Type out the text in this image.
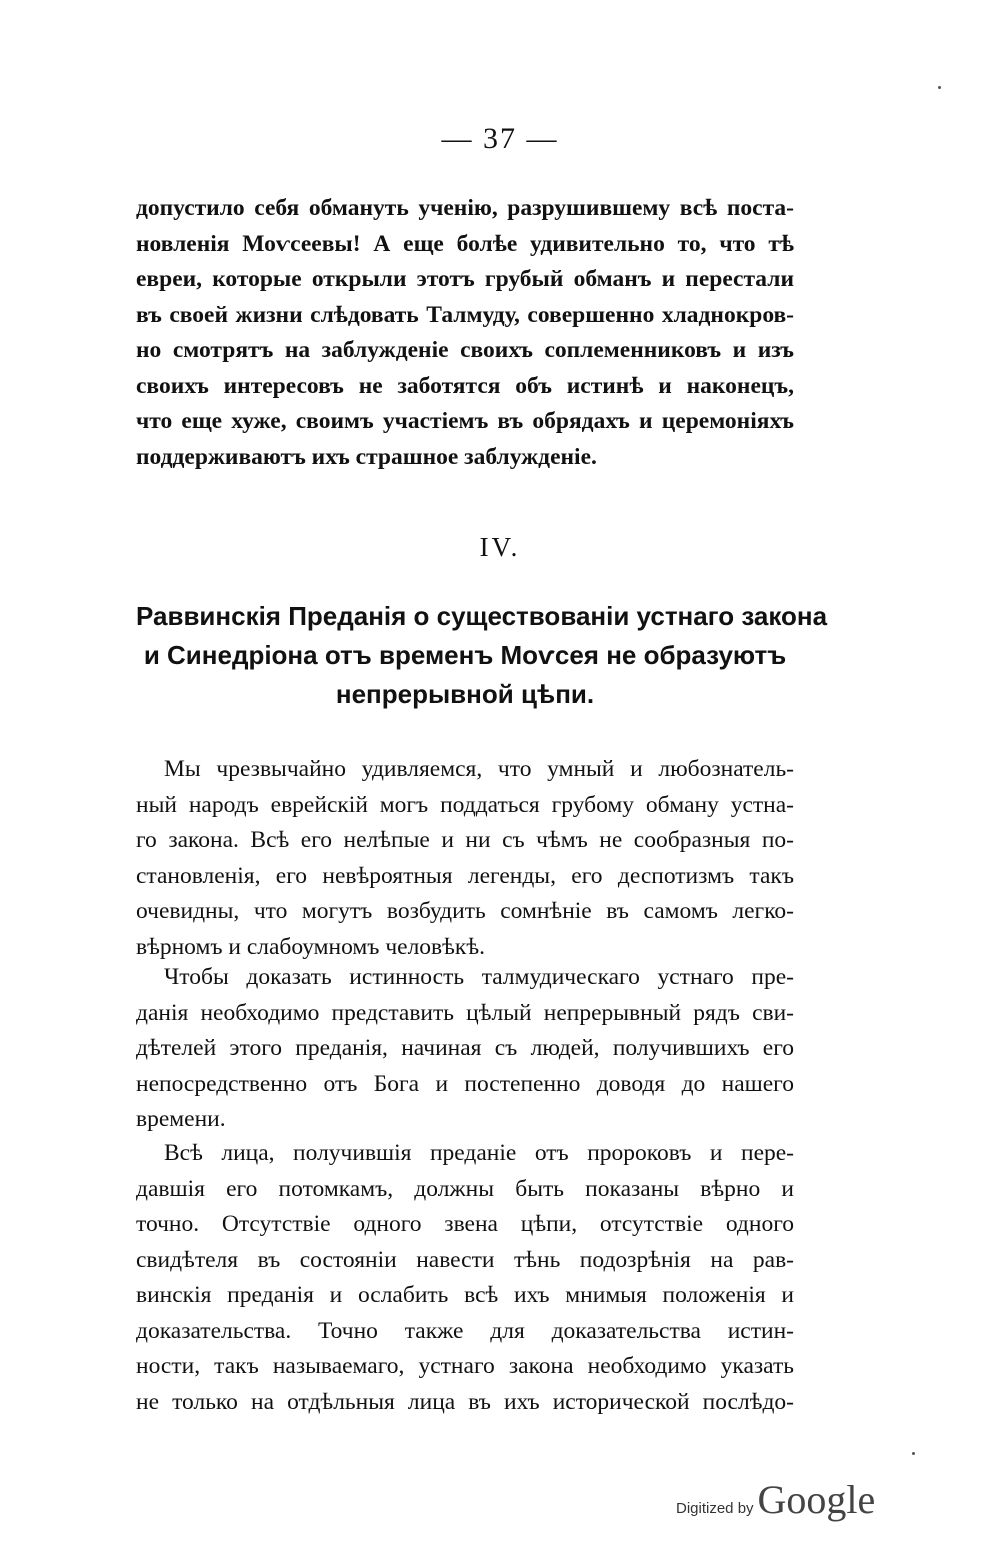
— 37 —
допустило себя обмануть ученію, разрушившему всѣ поста-
новленія Моѵсеевы! А еще болѣе удивительно то, что тѣ
евреи, которые открыли этотъ грубый обманъ и перестали
въ своей жизни слѣдовать Талмуду, совершенно хладнокров-
но смотрятъ на заблужденіе своихъ соплеменниковъ и изъ
своихъ интересовъ не заботятся объ истинѣ и наконецъ,
что еще хуже, своимъ участіемъ въ обрядахъ и церемоніяхъ
поддерживаютъ ихъ страшное заблужденіе.
IV.
Раввинскія Преданія о существованіи устнаго закона
и Синедріона отъ временъ Моѵсея не образуютъ
непрерывной цѣпи.
Мы чрезвычайно удивляемся, что умный и любознатель-
ный народъ еврейскій могъ поддаться грубому обману устна-
го закона. Всѣ его нелѣпые и ни съ чѣмъ не сообразныя по-
становленія, его невѣроятныя легенды, его деспотизмъ такъ
очевидны, что могутъ возбудить сомнѣніе въ самомъ легко-
вѣрномъ и слабоумномъ человѣкѣ.
Чтобы доказать истинность талмудическаго устнаго пре-
данія необходимо представить цѣлый непрерывный рядъ сви-
дѣтелей этого преданія, начиная съ людей, получившихъ его
непосредственно отъ Бога и постепенно доводя до нашего
времени.
Всѣ лица, получившія преданіе отъ пророковъ и пере-
давшія его потомкамъ, должны быть показаны вѣрно и
точно. Отсутствіе одного звена цѣпи, отсутствіе одного
свидѣтеля въ состояніи навести тѣнь подозрѣнія на рав-
винскія преданія и ослабить всѣ ихъ мнимыя положенія и
доказательства. Точно также для доказательства истин-
ности, такъ называемаго, устнаго закона необходимо указать
не только на отдѣльныя лица въ ихъ исторической послѣдо-
Digitized by Google
